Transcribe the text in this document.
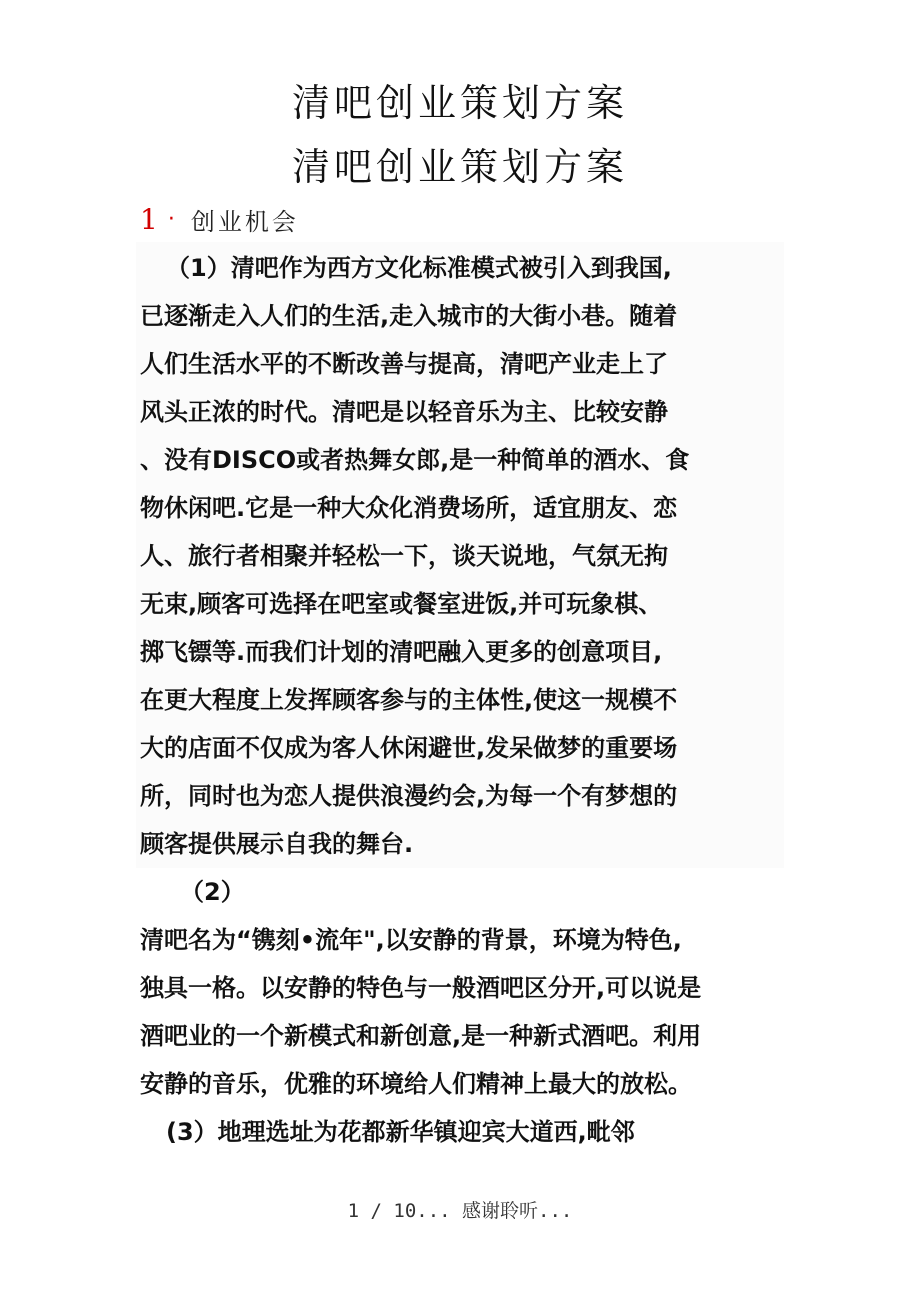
清吧创业策划方案
清吧创业策划方案
1 · 创业机会
（1）清吧作为西方文化标准模式被引入到我国,
已逐渐走入人们的生活,走入城市的大街小巷。随着
人们生活水平的不断改善与提高，清吧产业走上了
风头正浓的时代。清吧是以轻音乐为主、比较安静
、没有DISCO或者热舞女郎,是一种简单的酒水、食
物休闲吧.它是一种大众化消费场所，适宜朋友、恋
人、旅行者相聚并轻松一下，谈天说地，气氛无拘
无束,顾客可选择在吧室或餐室进饭,并可玩象棋、
掷飞镖等.而我们计划的清吧融入更多的创意项目,
在更大程度上发挥顾客参与的主体性,使这一规模不
大的店面不仅成为客人休闲避世,发呆做梦的重要场
所，同时也为恋人提供浪漫约会,为每一个有梦想的
顾客提供展示自我的舞台.
（2）
清吧名为“镌刻•流年",以安静的背景，环境为特色,
独具一格。以安静的特色与一般酒吧区分开,可以说是
酒吧业的一个新模式和新创意,是一种新式酒吧。利用
安静的音乐，优雅的环境给人们精神上最大的放松。
(3）地理选址为花都新华镇迎宾大道西,毗邻
1 / 10... 感谢聆听...
